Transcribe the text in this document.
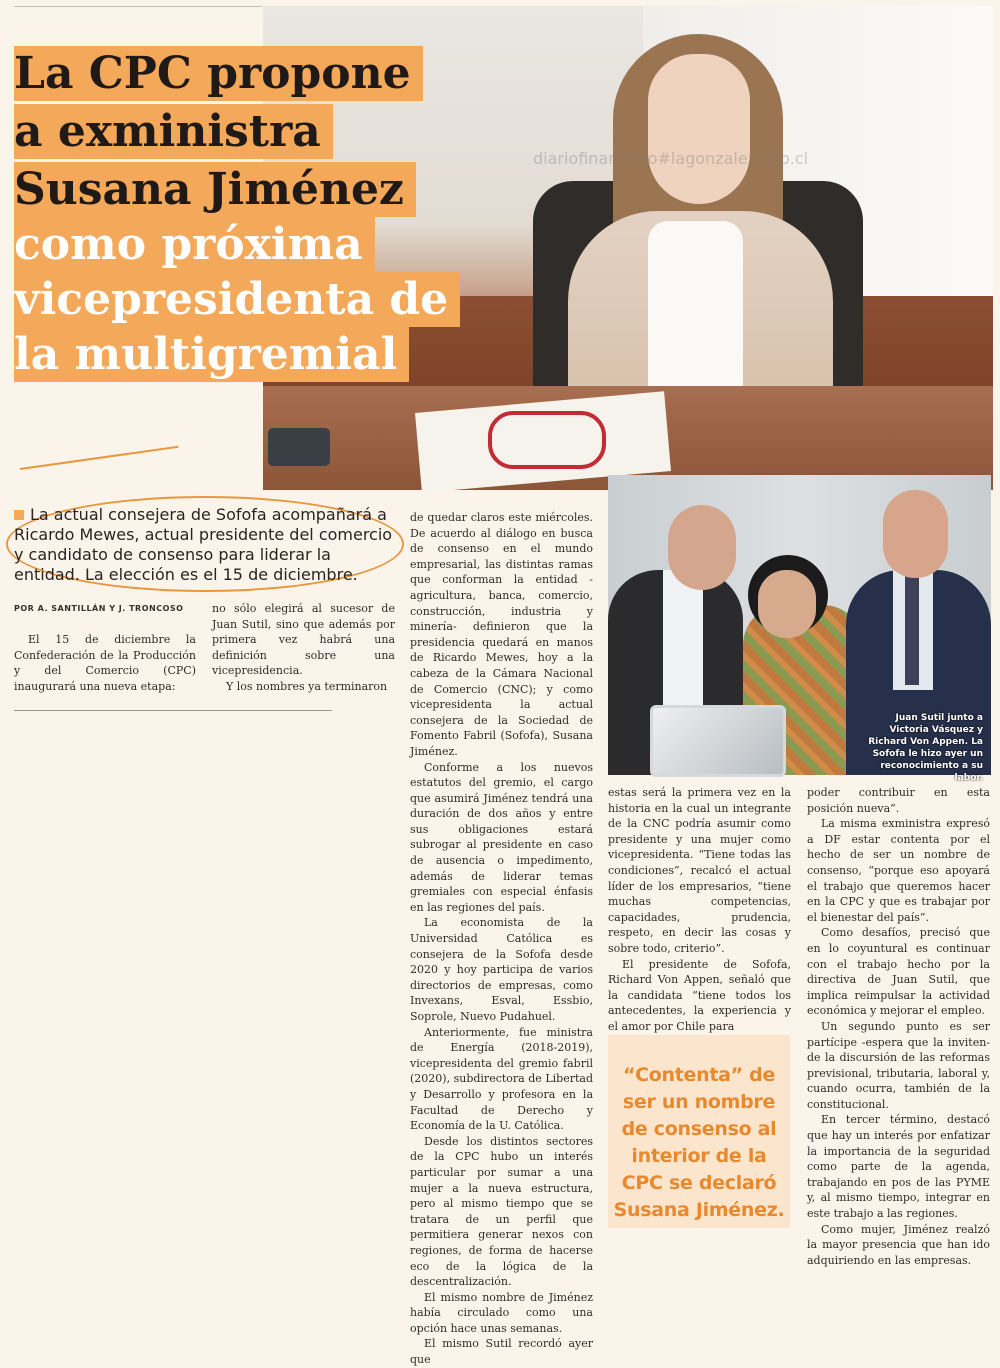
diariofinanciero#lagonzalez-clip.cl
La CPC propone
a exministra
Susana Jiménez
como próxima
vicepresidenta de
la multigremial
La actual consejera de Sofofa acompañará a Ricardo Mewes, actual presidente del comercio y candidato de consenso para liderar la entidad. La elección es el 15 de diciembre.
POR A. SANTILLÁN Y J. TRONCOSO

El 15 de diciembre la Confederación de la Producción y del Comercio (CPC) inaugurará una nueva etapa:

no sólo elegirá al sucesor de Juan Sutil, sino que además por primera vez habrá una definición sobre una vicepresidencia.

Y los nombres ya terminaron

de quedar claros este miércoles. De acuerdo al diálogo en busca de consenso en el mundo empresarial, las distintas ramas que conforman la entidad -agricultura, banca, comercio, construcción, industria y minería- definieron que la presidencia quedará en manos de Ricardo Mewes, hoy a la cabeza de la Cámara Nacional de Comercio (CNC); y como vicepresidenta la actual consejera de la Sociedad de Fomento Fabril (Sofofa), Susana Jiménez.

Conforme a los nuevos estatutos del gremio, el cargo que asumirá Jiménez tendrá una duración de dos años y entre sus obligaciones estará subrogar al presidente en caso de ausencia o impedimento, además de liderar temas gremiales con especial énfasis en las regiones del país.

La economista de la Universidad Católica es consejera de la Sofofa desde 2020 y hoy participa de varios directorios de empresas, como Invexans, Esval, Essbio, Soprole, Nuevo Pudahuel.

Anteriormente, fue ministra de Energía (2018-2019), vicepresidenta del gremio fabril (2020), subdirectora de Libertad y Desarrollo y profesora en la Facultad de Derecho y Economía de la U. Católica.

Desde los distintos sectores de la CPC hubo un interés particular por sumar a una mujer a la nueva estructura, pero al mismo tiempo que se tratara de un perfil que permitiera generar nexos con regiones, de forma de hacerse eco de la lógica de la descentralización.

El mismo nombre de Jiménez había circulado como una opción hace unas semanas.

El mismo Sutil recordó ayer que

Juan Sutil junto a Victoria Vásquez y Richard Von Appen. La Sofofa le hizo ayer un reconocimiento a su labor.

estas será la primera vez en la historia en la cual un integrante de la CNC podría asumir como presidente y una mujer como vicepresidenta. “Tiene todas las condiciones”, recalcó el actual líder de los empresarios, “tiene muchas competencias, capacidades, prudencia, respeto, en decir las cosas y sobre todo, criterio”.

El presidente de Sofofa, Richard Von Appen, señaló que la candidata “tiene todos los antecedentes, la experiencia y el amor por Chile para

“Contenta” de ser un nombre de consenso al interior de la CPC se declaró Susana Jiménez.

poder contribuir en esta posición nueva”.

La misma exministra expresó a DF estar contenta por el hecho de ser un nombre de consenso, “porque eso apoyará el trabajo que queremos hacer en la CPC y que es trabajar por el bienestar del país”.

Como desafíos, precisó que en lo coyuntural es continuar con el trabajo hecho por la directiva de Juan Sutil, que implica reimpulsar la actividad económica y mejorar el empleo.

Un segundo punto es ser partícipe -espera que la inviten- de la discursión de las reformas previsional, tributaria, laboral y, cuando ocurra, también de la constitucional.

En tercer término, destacó que hay un interés por enfatizar la importancia de la seguridad como parte de la agenda, trabajando en pos de las PYME y, al mismo tiempo, integrar en este trabajo a las regiones.

Como mujer, Jiménez realzó la mayor presencia que han ido adquiriendo en las empresas.
